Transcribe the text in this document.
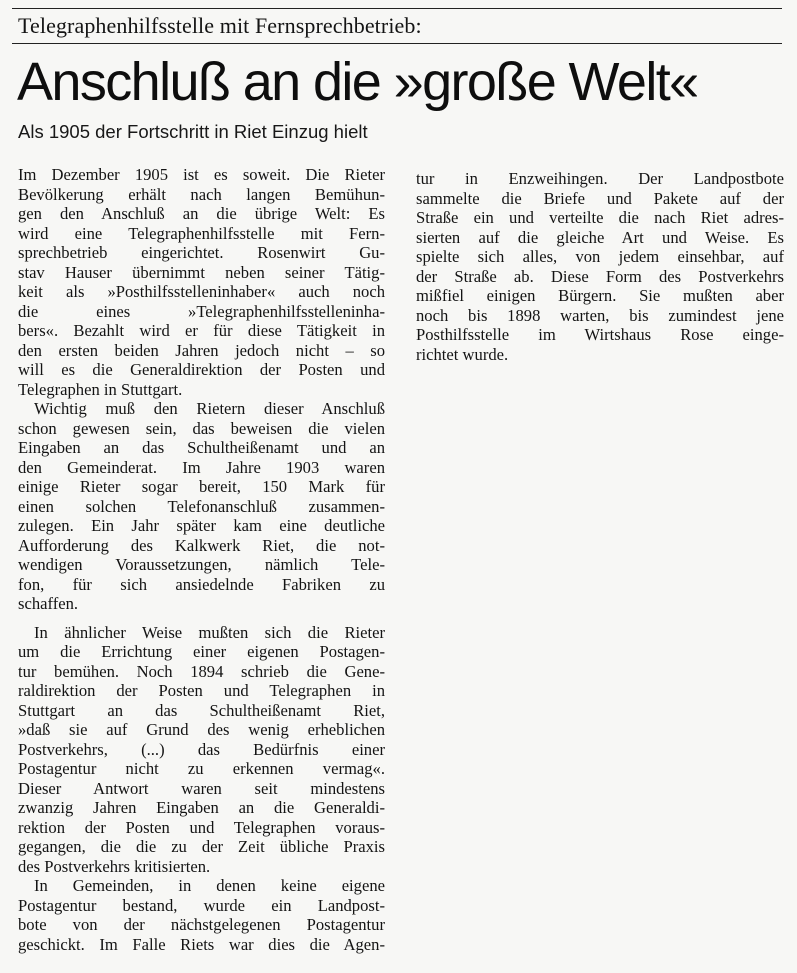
Telegraphenhilfsstelle mit Fernsprechbetrieb:
Anschluß an die »große Welt«
Als 1905 der Fortschritt in Riet Einzug hielt
Im Dezember 1905 ist es soweit. Die Rieter
Bevölkerung erhält nach langen Bemühun-
gen den Anschluß an die übrige Welt: Es
wird eine Telegraphenhilfsstelle mit Fern-
sprechbetrieb eingerichtet. Rosenwirt Gu-
stav Hauser übernimmt neben seiner Tätig-
keit als »Posthilfsstelleninhaber« auch noch
die eines »Telegraphenhilfsstelleninha-
bers«. Bezahlt wird er für diese Tätigkeit in
den ersten beiden Jahren jedoch nicht – so
will es die Generaldirektion der Posten und
Telegraphen in Stuttgart.
Wichtig muß den Rietern dieser Anschluß
schon gewesen sein, das beweisen die vielen
Eingaben an das Schultheißenamt und an
den Gemeinderat. Im Jahre 1903 waren
einige Rieter sogar bereit, 150 Mark für
einen solchen Telefonanschluß zusammen-
zulegen. Ein Jahr später kam eine deutliche
Aufforderung des Kalkwerk Riet, die not-
wendigen Voraussetzungen, nämlich Tele-
fon, für sich ansiedelnde Fabriken zu
schaffen.
In ähnlicher Weise mußten sich die Rieter
um die Errichtung einer eigenen Postagen-
tur bemühen. Noch 1894 schrieb die Gene-
raldirektion der Posten und Telegraphen in
Stuttgart an das Schultheißenamt Riet,
»daß sie auf Grund des wenig erheblichen
Postverkehrs, (...) das Bedürfnis einer
Postagentur nicht zu erkennen vermag«.
Dieser Antwort waren seit mindestens
zwanzig Jahren Eingaben an die Generaldi-
rektion der Posten und Telegraphen voraus-
gegangen, die die zu der Zeit übliche Praxis
des Postverkehrs kritisierten.
In Gemeinden, in denen keine eigene
Postagentur bestand, wurde ein Landpost-
bote von der nächstgelegenen Postagentur
geschickt. Im Falle Riets war dies die Agen-
tur in Enzweihingen. Der Landpostbote
sammelte die Briefe und Pakete auf der
Straße ein und verteilte die nach Riet adres-
sierten auf die gleiche Art und Weise. Es
spielte sich alles, von jedem einsehbar, auf
der Straße ab. Diese Form des Postverkehrs
mißfiel einigen Bürgern. Sie mußten aber
noch bis 1898 warten, bis zumindest jene
Posthilfsstelle im Wirtshaus Rose einge-
richtet wurde.
